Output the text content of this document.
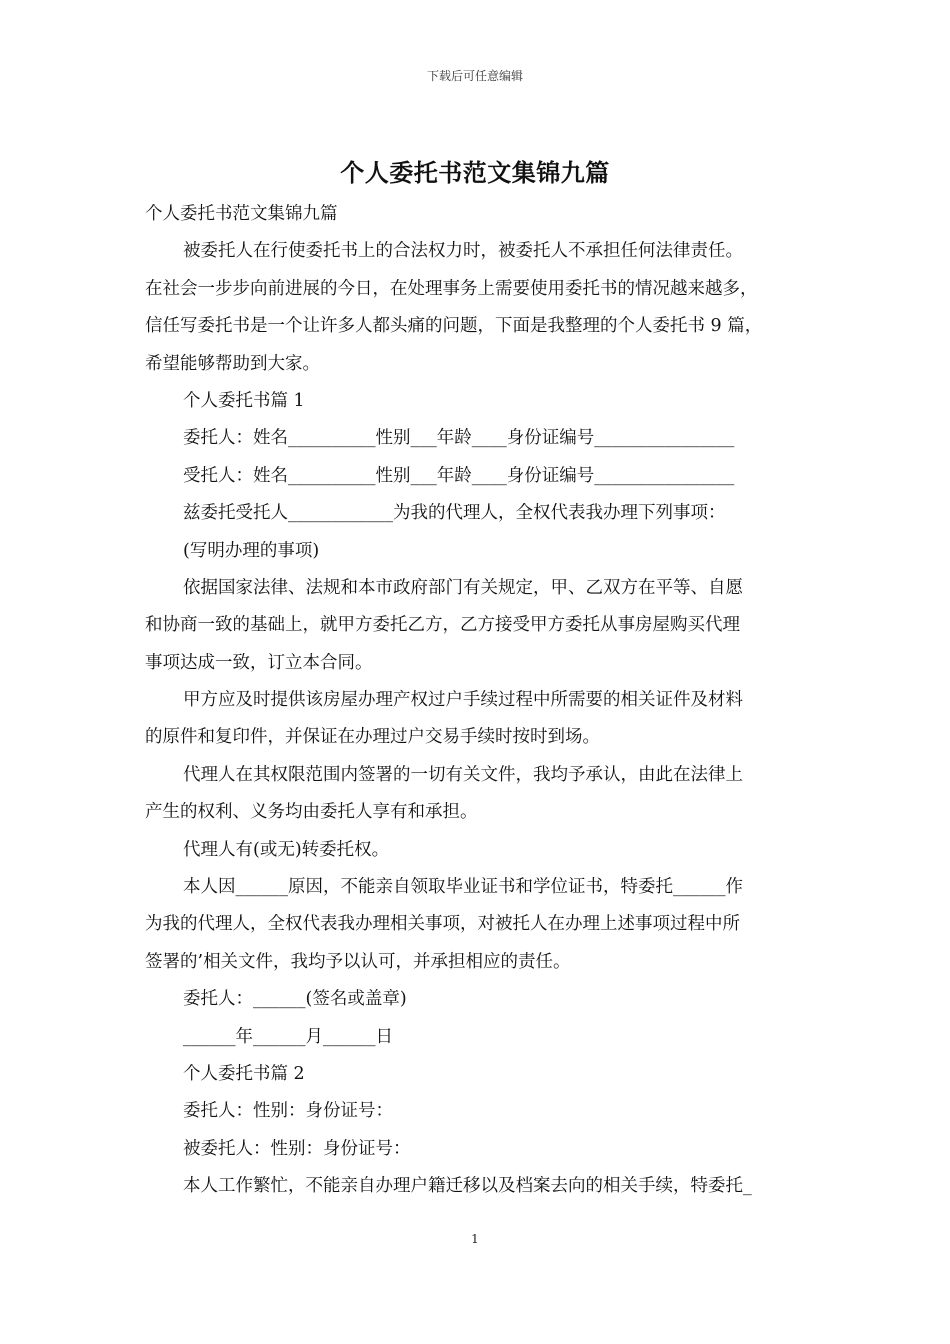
下载后可任意编辑
个人委托书范文集锦九篇
个人委托书范文集锦九篇
被委托人在行使委托书上的合法权力时，被委托人不承担任何法律责任。
在社会一步步向前进展的今日，在处理事务上需要使用委托书的情况越来越多，
信任写委托书是一个让许多人都头痛的问题，下面是我整理的个人委托书 9 篇，
希望能够帮助到大家。
个人委托书篇 1
委托人：姓名__________性别___年龄____身份证编号________________
受托人：姓名__________性别___年龄____身份证编号________________
兹委托受托人____________为我的代理人，全权代表我办理下列事项：
(写明办理的事项)
依据国家法律、法规和本市政府部门有关规定，甲、乙双方在平等、自愿
和协商一致的基础上，就甲方委托乙方，乙方接受甲方委托从事房屋购买代理
事项达成一致，订立本合同。
甲方应及时提供该房屋办理产权过户手续过程中所需要的相关证件及材料
的原件和复印件，并保证在办理过户交易手续时按时到场。
代理人在其权限范围内签署的一切有关文件，我均予承认，由此在法律上
产生的权利、义务均由委托人享有和承担。
代理人有(或无)转委托权。
本人因______原因，不能亲自领取毕业证书和学位证书，特委托______作
为我的代理人，全权代表我办理相关事项，对被托人在办理上述事项过程中所
签署的’相关文件，我均予以认可，并承担相应的责任。
委托人：______(签名或盖章)
______年______月______日
个人委托书篇 2
委托人：性别：身份证号：
被委托人：性别：身份证号：
本人工作繁忙，不能亲自办理户籍迁移以及档案去向的相关手续，特委托_
1
